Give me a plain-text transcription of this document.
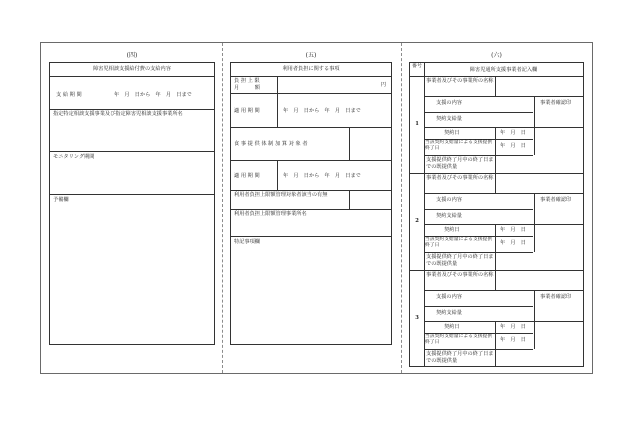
(四)	(五)	(六)
障害児相談支援給付費の支給内容
支 給 期 間	年　月　日から　年　月　日まで
指定特定相談支援事業及び指定障害児相談支援事業所名
モニタリング期間
予備欄
利用者負担に関する事項
負 担 上 限
月　　　額	円
適 用 期 間	年　月　日から　年　月　日まで
食 事 提 供 体 制 加 算 対 象 者
適 用 期 間	年　月　日から　年　月　日まで
利用者負担上限額管理対象者該当の有無
利用者負担上限額管理事業所名
特記事項欄
番号
障害児通所支援事業者記入欄
1
事業者及びその事業所の名称
支援の内容	事業者確認印
契約支給量
契約日	年　月　日
当該契約支給量による支援提供終了日	年　月　日
支援提供終了月中の終了日までの既提供量
2
事業者及びその事業所の名称
支援の内容	事業者確認印
契約支給量
契約日	年　月　日
当該契約支給量による支援提供終了日	年　月　日
支援提供終了月中の終了日までの既提供量
3
事業者及びその事業所の名称
支援の内容	事業者確認印
契約支給量
契約日	年　月　日
当該契約支給量による支援提供終了日	年　月　日
支援提供終了月中の終了日までの既提供量
